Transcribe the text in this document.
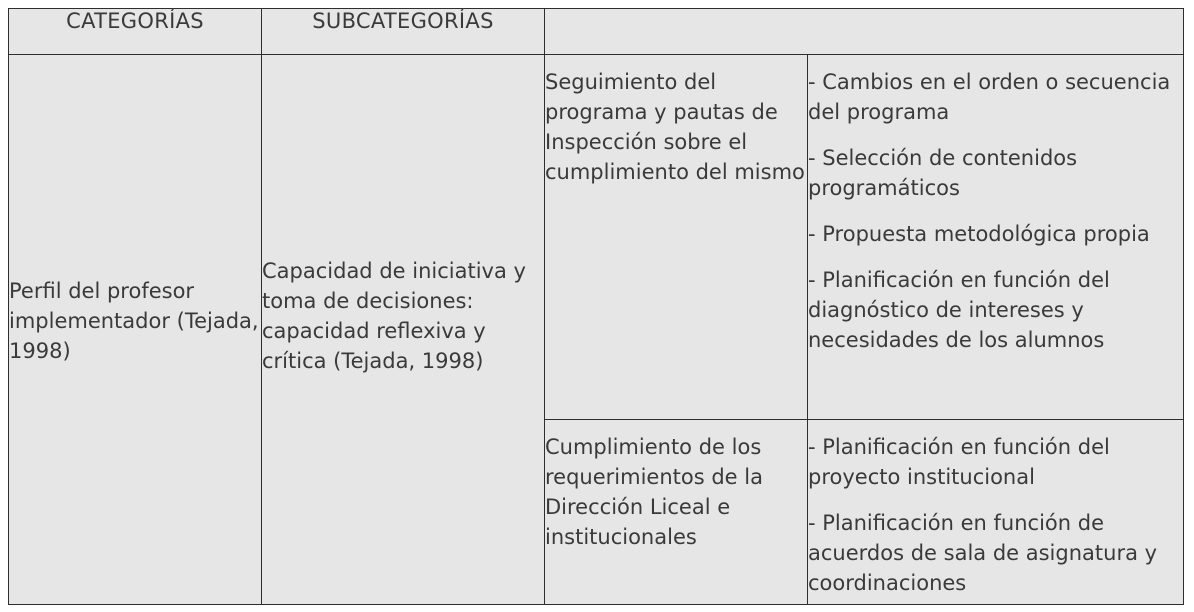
CATEGORÍAS	SUBCATEGORÍAS		

Perfil del profesor implementador (Tejada, 1998)	Capacidad de iniciativa y toma de decisiones: capacidad reflexiva y crítica (Tejada, 1998)	Seguimiento del programa y pautas de Inspección sobre el cumplimiento del mismo	- Cambios en el orden o secuencia del programa
- Selección de contenidos programáticos
- Propuesta metodológica propia
- Planificación en función del diagnóstico de intereses y necesidades de los alumnos

		Cumplimiento de los requerimientos de la Dirección Liceal e institucionales	- Planificación en función del proyecto institucional
- Planificación en función de acuerdos de sala de asignatura y coordinaciones
